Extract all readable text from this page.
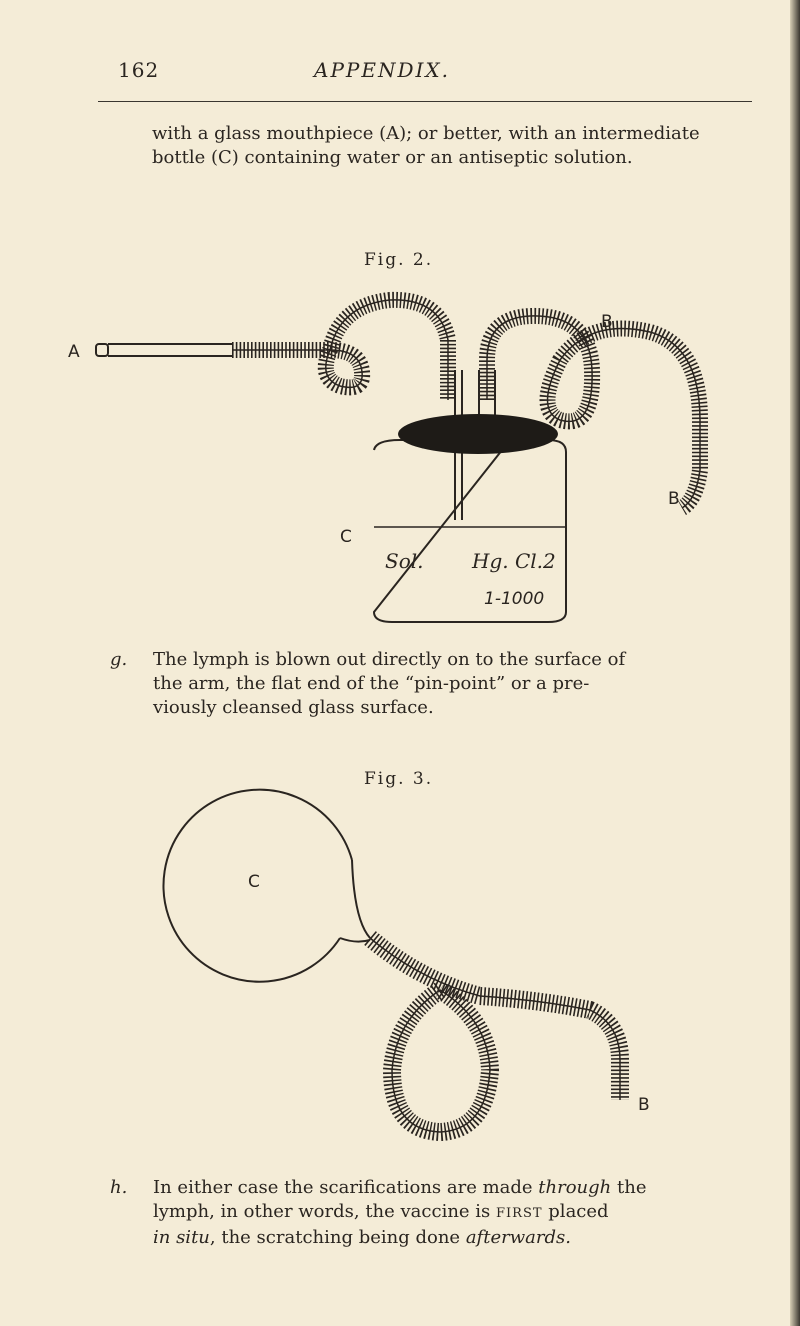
162	APPENDIX.

with a glass mouthpiece (A); or better, with an intermediate bottle (C) containing water or an antiseptic solution.

Fig. 2.
A
B
B
C
Sol. Hg. Cl.2
1-1000
g. The lymph is blown out directly on to the surface of

the arm, the flat end of the “pin-point” or a pre-

viously cleansed glass surface.

Fig. 3.
C
B
h. In either case the scarifications are made through the

lymph, in other words, the vaccine is FIRST placed

in situ, the scratching being done afterwards.
